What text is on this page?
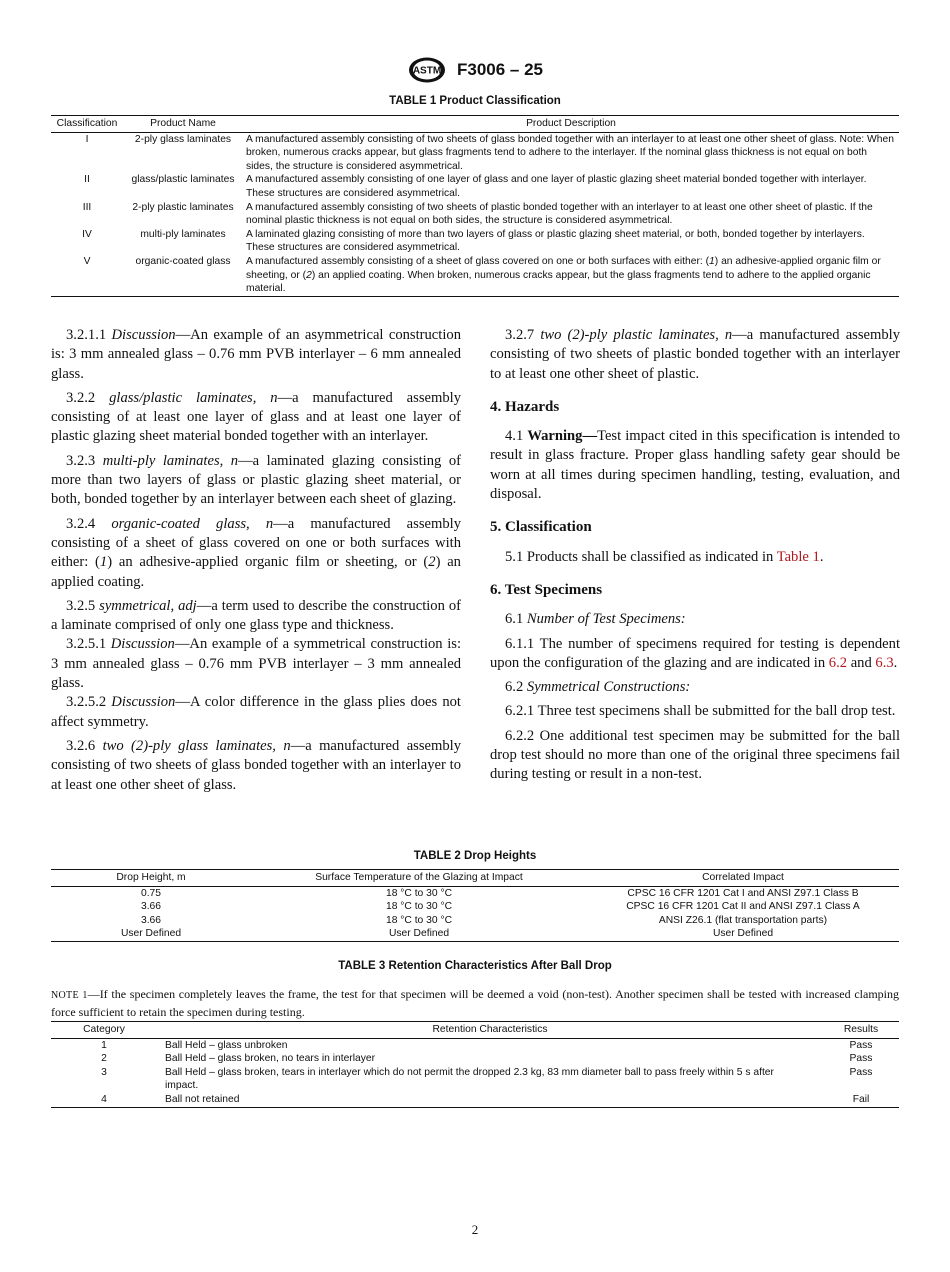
ASTM F3006 – 25
TABLE 1 Product Classification
Classification	Product Name	Product Description
I	2-ply glass laminates	A manufactured assembly consisting of two sheets of glass bonded together with an interlayer to at least one other sheet of glass. Note: When broken, numerous cracks appear, but glass fragments tend to adhere to the interlayer. If the nominal glass thickness is not equal on both sides, the structure is considered asymmetrical.
II	glass/plastic laminates	A manufactured assembly consisting of one layer of glass and one layer of plastic glazing sheet material bonded together with interlayer. These structures are considered asymmetrical.
III	2-ply plastic laminates	A manufactured assembly consisting of two sheets of plastic bonded together with an interlayer to at least one other sheet of plastic. If the nominal plastic thickness is not equal on both sides, the structure is considered asymmetrical.
IV	multi-ply laminates	A laminated glazing consisting of more than two layers of glass or plastic glazing sheet material, or both, bonded together by interlayers. These structures are considered asymmetrical.
V	organic-coated glass	A manufactured assembly consisting of a sheet of glass covered on one or both surfaces with either: (1) an adhesive-applied organic film or sheeting, or (2) an applied coating. When broken, numerous cracks appear, but the glass fragments tend to adhere to the applied organic material.

3.2.1.1 Discussion—An example of an asymmetrical construction is: 3 mm annealed glass – 0.76 mm PVB interlayer – 6 mm annealed glass.

3.2.2 glass/plastic laminates, n—a manufactured assembly consisting of at least one layer of glass and at least one layer of plastic glazing sheet material bonded together with an interlayer.

3.2.3 multi-ply laminates, n—a laminated glazing consisting of more than two layers of glass or plastic glazing sheet material, or both, bonded together by an interlayer between each sheet of glazing.

3.2.4 organic-coated glass, n—a manufactured assembly consisting of a sheet of glass covered on one or both surfaces with either: (1) an adhesive-applied organic film or sheeting, or (2) an applied coating.

3.2.5 symmetrical, adj—a term used to describe the construction of a laminate comprised of only one glass type and thickness.

3.2.5.1 Discussion—An example of a symmetrical construction is: 3 mm annealed glass – 0.76 mm PVB interlayer – 3 mm annealed glass.

3.2.5.2 Discussion—A color difference in the glass plies does not affect symmetry.

3.2.6 two (2)-ply glass laminates, n—a manufactured assembly consisting of two sheets of glass bonded together with an interlayer to at least one other sheet of glass.

3.2.7 two (2)-ply plastic laminates, n—a manufactured assembly consisting of two sheets of plastic bonded together with an interlayer to at least one other sheet of plastic.

4. Hazards

4.1 Warning—Test impact cited in this specification is intended to result in glass fracture. Proper glass handling safety gear should be worn at all times during specimen handling, testing, evaluation, and disposal.

5. Classification

5.1 Products shall be classified as indicated in Table 1.

6. Test Specimens

6.1 Number of Test Specimens:

6.1.1 The number of specimens required for testing is dependent upon the configuration of the glazing and are indicated in 6.2 and 6.3.

6.2 Symmetrical Constructions:

6.2.1 Three test specimens shall be submitted for the ball drop test.

6.2.2 One additional test specimen may be submitted for the ball drop test should no more than one of the original three specimens fail during testing or result in a non-test.

TABLE 2 Drop Heights
Drop Height, m	Surface Temperature of the Glazing at Impact	Correlated Impact
0.75	18 °C to 30 °C	CPSC 16 CFR 1201 Cat I and ANSI Z97.1 Class B
3.66	18 °C to 30 °C	CPSC 16 CFR 1201 Cat II and ANSI Z97.1 Class A
3.66	18 °C to 30 °C	ANSI Z26.1 (flat transportation parts)
User Defined	User Defined	User Defined
TABLE 3 Retention Characteristics After Ball Drop
NOTE 1—If the specimen completely leaves the frame, the test for that specimen will be deemed a void (non-test). Another specimen shall be tested with increased clamping force sufficient to retain the specimen during testing.
Category	Retention Characteristics	Results
1	Ball Held – glass unbroken	Pass
2	Ball Held – glass broken, no tears in interlayer	Pass
3	Ball Held – glass broken, tears in interlayer which do not permit the dropped 2.3 kg, 83 mm diameter ball to pass freely within 5 s after impact.	Pass
4	Ball not retained	Fail
2
